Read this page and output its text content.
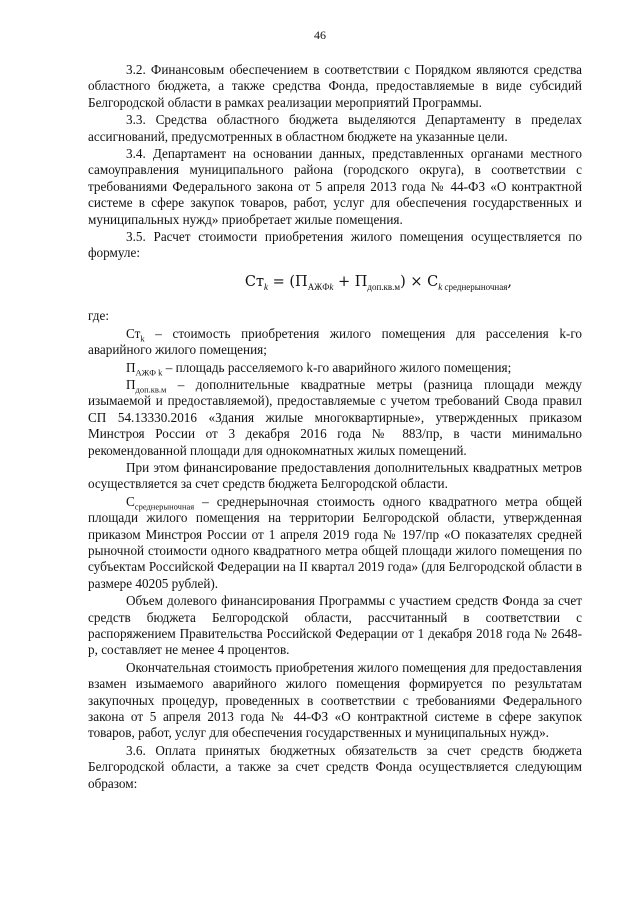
46

3.2. Финансовым обеспечением в соответствии с Порядком являются средства областного бюджета, а также средства Фонда, предоставляемые в виде субсидий Белгородской области в рамках реализации мероприятий Программы.

3.3. Средства областного бюджета выделяются Департаменту в пределах ассигнований, предусмотренных в областном бюджете на указанные цели.

3.4. Департамент на основании данных, представленных органами местного самоуправления муниципального района (городского округа), в соответствии с требованиями Федерального закона от 5 апреля 2013 года № 44-ФЗ «О контрактной системе в сфере закупок товаров, работ, услуг для обеспечения государственных и муниципальных нужд» приобретает жилые помещения.

3.5. Расчет стоимости приобретения жилого помещения осуществляется по формуле:

$Ст_k = (П_{АЖФk} + П_{доп.кв.м}) \times С_{k среднерыночная}$,

где:

$Ст_k$ – стоимость приобретения жилого помещения для расселения k-го аварийного жилого помещения;

$П_{АЖФ k}$ – площадь расселяемого k-го аварийного жилого помещения;

$П_{доп.кв.м}$ – дополнительные квадратные метры (разница площади между изымаемой и предоставляемой), предоставляемые с учетом требований Свода правил СП 54.13330.2016 «Здания жилые многоквартирные», утвержденных приказом Минстроя России от 3 декабря 2016 года № 883/пр, в части минимально рекомендованной площади для однокомнатных жилых помещений.

При этом финансирование предоставления дополнительных квадратных метров осуществляется за счет средств бюджета Белгородской области.

$С_{среднерыночная}$ – среднерыночная стоимость одного квадратного метра общей площади жилого помещения на территории Белгородской области, утвержденная приказом Минстроя России от 1 апреля 2019 года № 197/пр «О показателях средней рыночной стоимости одного квадратного метра общей площади жилого помещения по субъектам Российской Федерации на II квартал 2019 года» (для Белгородской области в размере 40205 рублей).

Объем долевого финансирования Программы с участием средств Фонда за счет средств бюджета Белгородской области, рассчитанный в соответствии с распоряжением Правительства Российской Федерации от 1 декабря 2018 года № 2648-р, составляет не менее 4 процентов.

Окончательная стоимость приобретения жилого помещения для предоставления взамен изымаемого аварийного жилого помещения формируется по результатам закупочных процедур, проведенных в соответствии с требованиями Федерального закона от 5 апреля 2013 года № 44-ФЗ «О контрактной системе в сфере закупок товаров, работ, услуг для обеспечения государственных и муниципальных нужд».

3.6. Оплата принятых бюджетных обязательств за счет средств бюджета Белгородской области, а также за счет средств Фонда осуществляется следующим образом:
